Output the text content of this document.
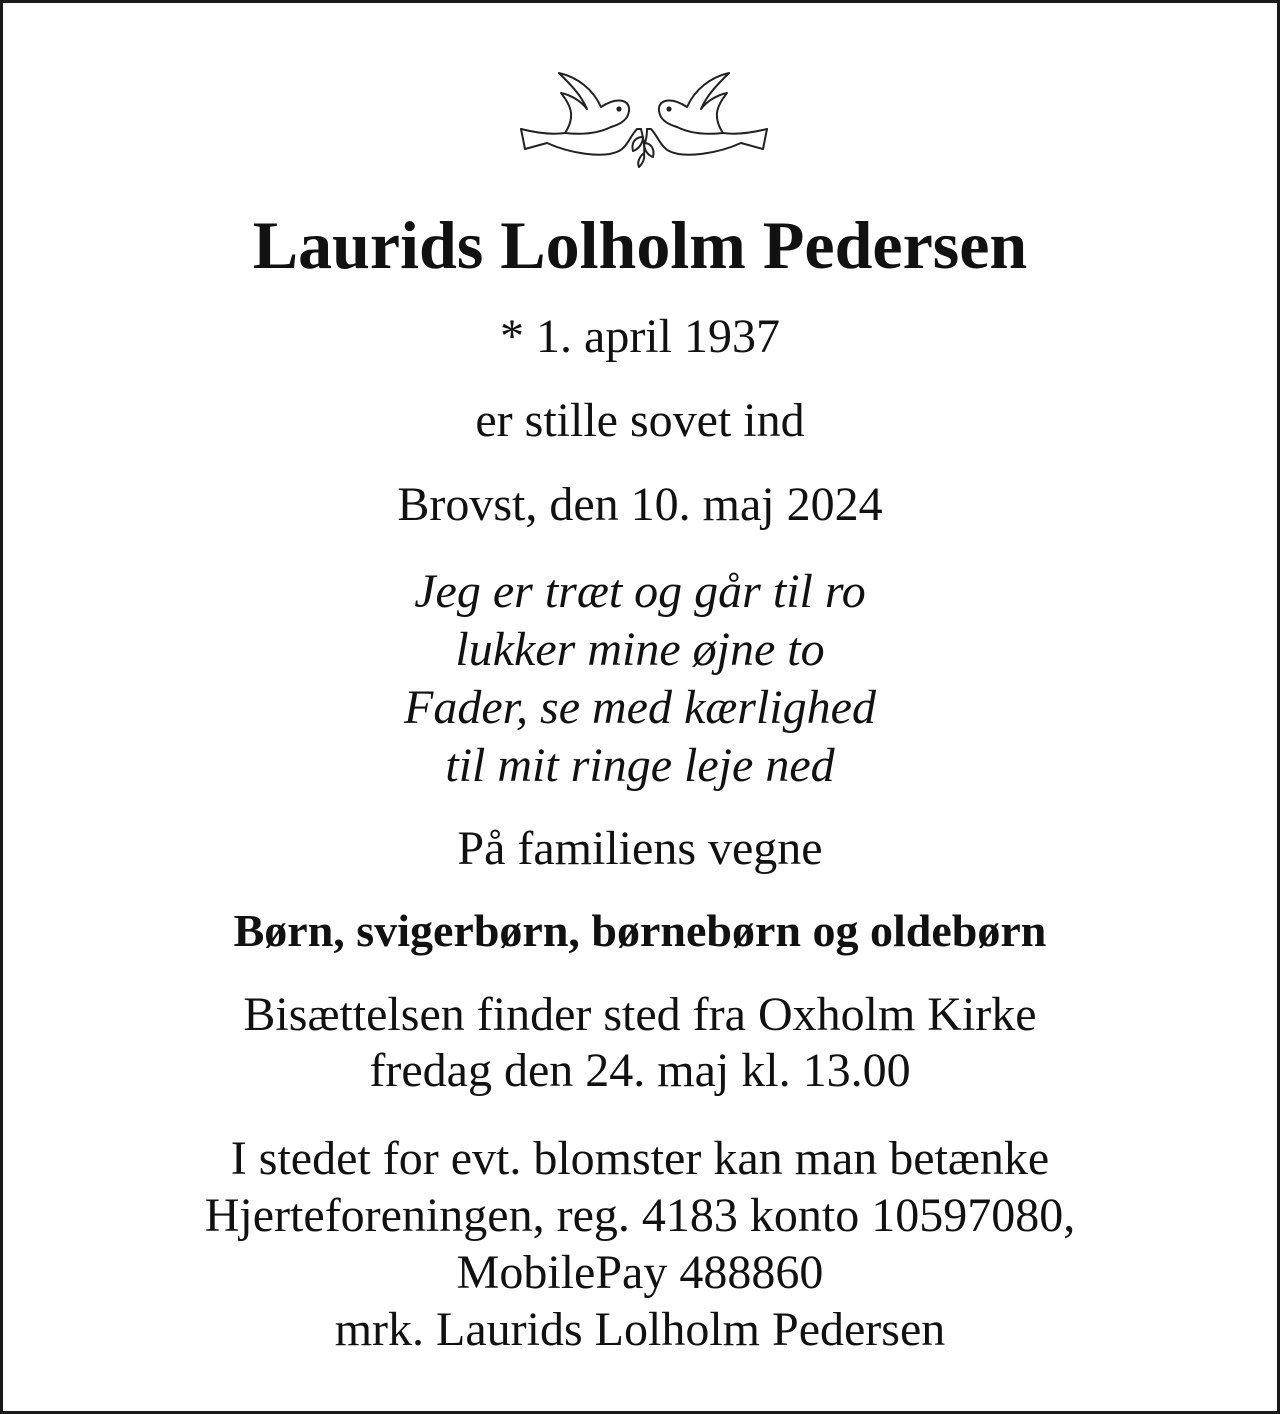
Laurids Lolholm Pedersen

* 1. april 1937

er stille sovet ind

Brovst, den 10. maj 2024

Jeg er træt og går til ro
lukker mine øjne to
Fader, se med kærlighed
til mit ringe leje ned

På familiens vegne

Børn, svigerbørn, børnebørn og oldebørn

Bisættelsen finder sted fra Oxholm Kirke
fredag den 24. maj kl. 13.00
I stedet for evt. blomster kan man betænke
Hjerteforeningen, reg. 4183 konto 10597080,
MobilePay 488860
mrk. Laurids Lolholm Pedersen
